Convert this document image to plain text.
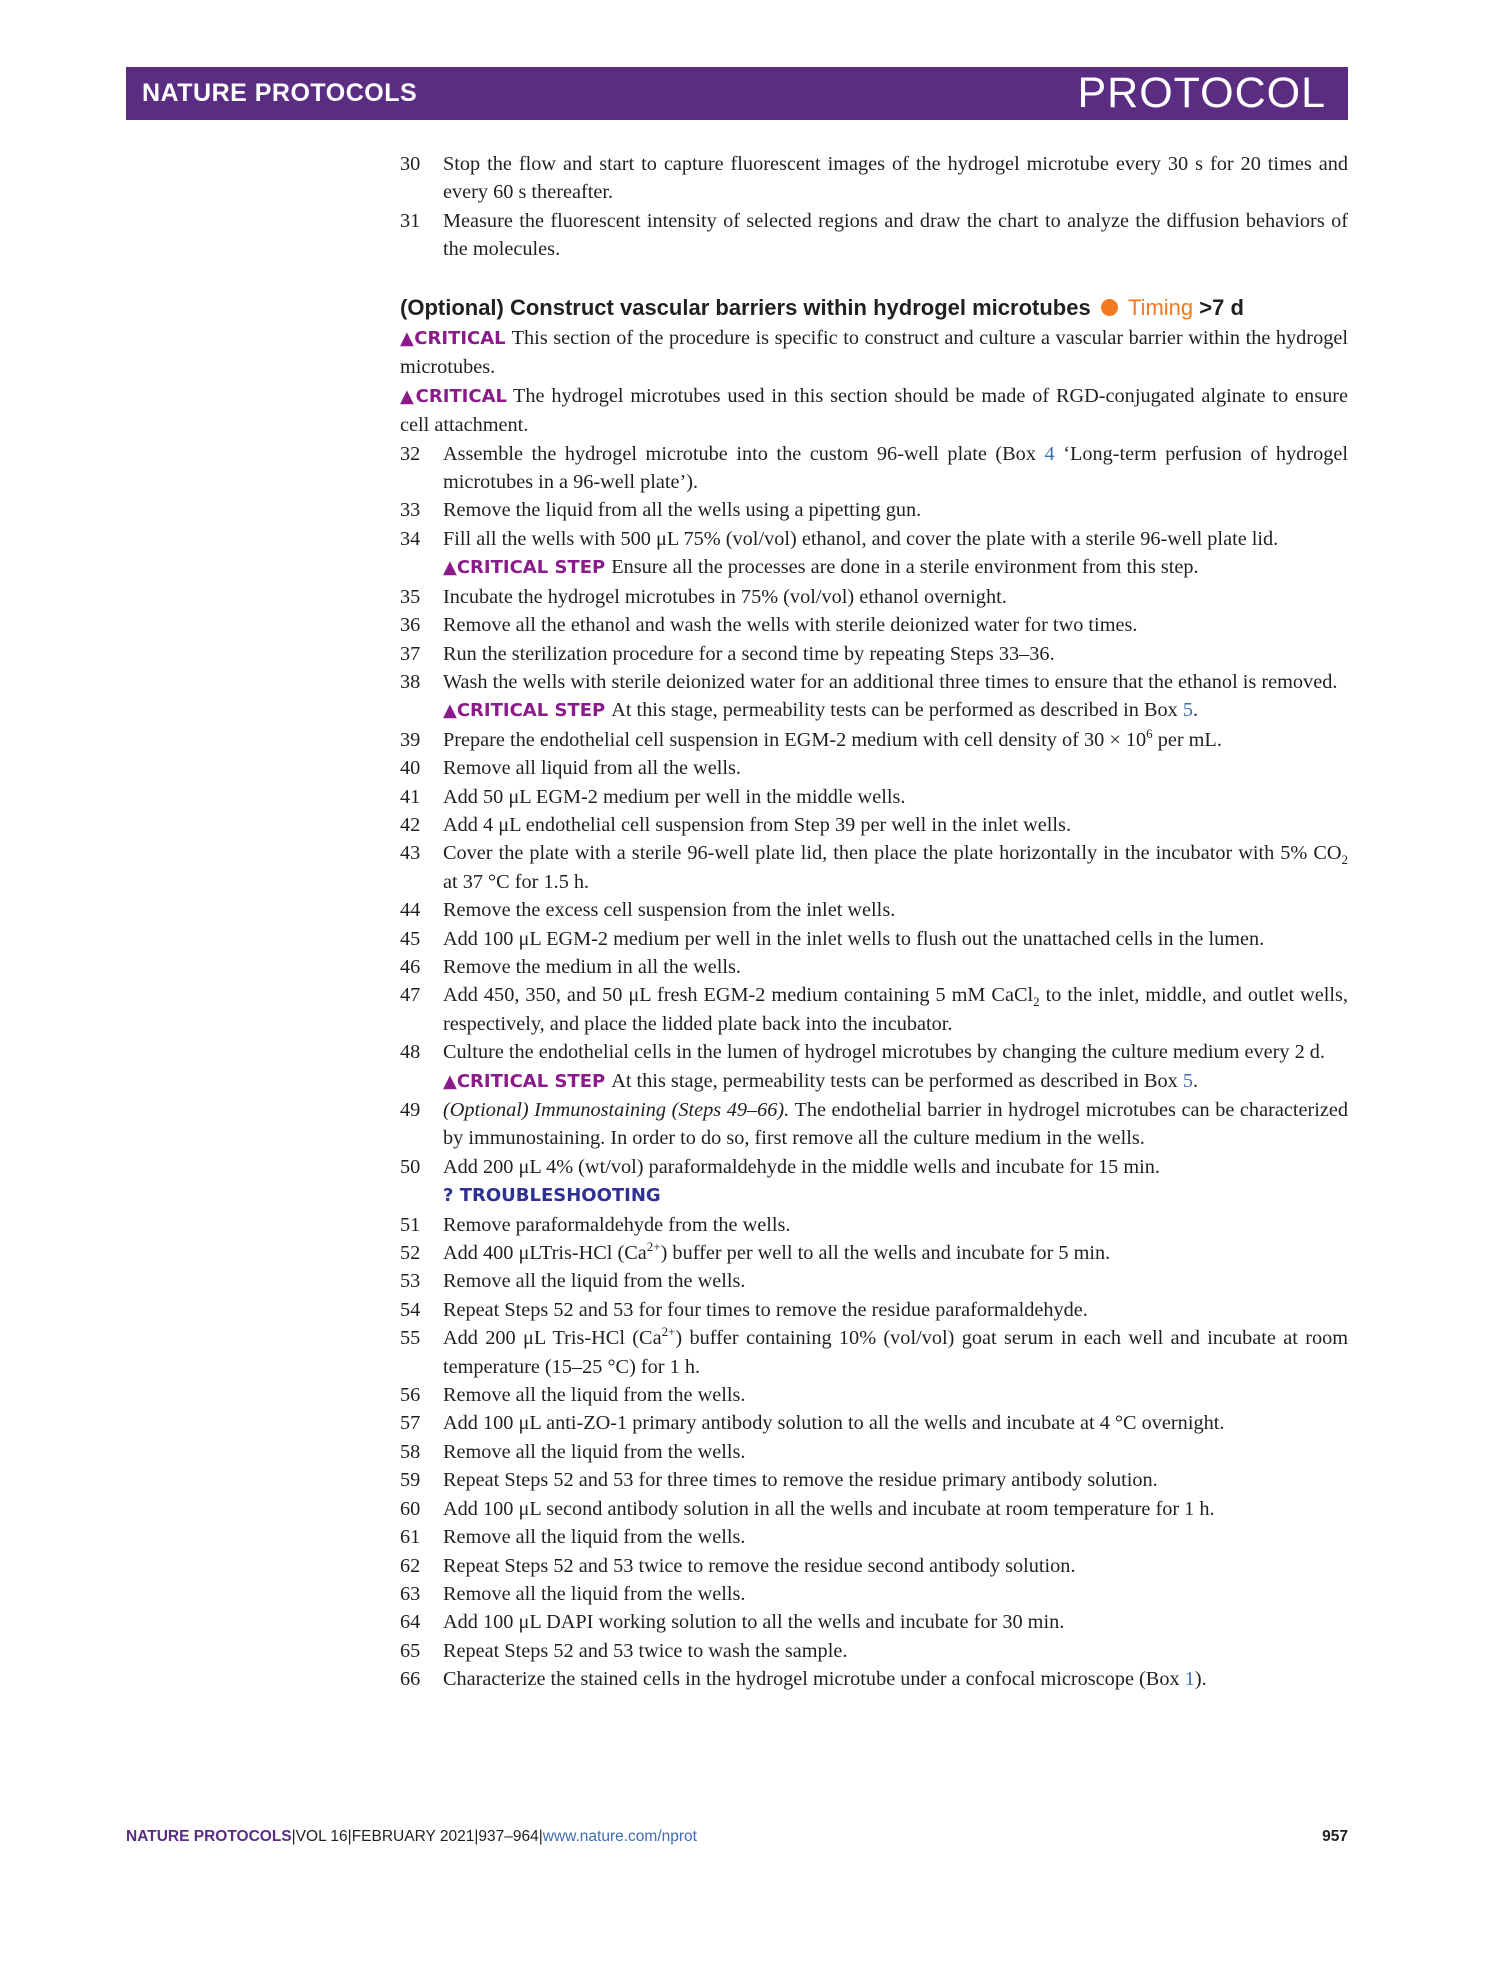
NATURE PROTOCOLS	PROTOCOL
30	Stop the flow and start to capture fluorescent images of the hydrogel microtube every 30 s for 20 times and every 60 s thereafter.
31	Measure the fluorescent intensity of selected regions and draw the chart to analyze the diffusion behaviors of the molecules.
(Optional) Construct vascular barriers within hydrogel microtubes Timing >7 d
▲CRITICAL This section of the procedure is specific to construct and culture a vascular barrier within the hydrogel microtubes.
▲CRITICAL The hydrogel microtubes used in this section should be made of RGD-conjugated alginate to ensure cell attachment.
32	Assemble the hydrogel microtube into the custom 96-well plate (Box 4 ‘Long-term perfusion of hydrogel microtubes in a 96-well plate’).
33	Remove the liquid from all the wells using a pipetting gun.
34	Fill all the wells with 500 μL 75% (vol/vol) ethanol, and cover the plate with a sterile 96-well plate lid.
▲CRITICAL STEP Ensure all the processes are done in a sterile environment from this step.
35	Incubate the hydrogel microtubes in 75% (vol/vol) ethanol overnight.
36	Remove all the ethanol and wash the wells with sterile deionized water for two times.
37	Run the sterilization procedure for a second time by repeating Steps 33–36.
38	Wash the wells with sterile deionized water for an additional three times to ensure that the ethanol is removed.
▲CRITICAL STEP At this stage, permeability tests can be performed as described in Box 5.
39	Prepare the endothelial cell suspension in EGM-2 medium with cell density of $30 \times 10^6$ per mL.
40	Remove all liquid from all the wells.
41	Add 50 μL EGM-2 medium per well in the middle wells.
42	Add 4 μL endothelial cell suspension from Step 39 per well in the inlet wells.
43	Cover the plate with a sterile 96-well plate lid, then place the plate horizontally in the incubator with 5% $CO_2$ at 37 °C for 1.5 h.
44	Remove the excess cell suspension from the inlet wells.
45	Add 100 μL EGM-2 medium per well in the inlet wells to flush out the unattached cells in the lumen.
46	Remove the medium in all the wells.
47	Add 450, 350, and 50 μL fresh EGM-2 medium containing 5 mM CaCl$_2$ to the inlet, middle, and outlet wells, respectively, and place the lidded plate back into the incubator.
48	Culture the endothelial cells in the lumen of hydrogel microtubes by changing the culture medium every 2 d.
▲CRITICAL STEP At this stage, permeability tests can be performed as described in Box 5.
49	(Optional) Immunostaining (Steps 49–66). The endothelial barrier in hydrogel microtubes can be characterized by immunostaining. In order to do so, first remove all the culture medium in the wells.
50	Add 200 μL 4% (wt/vol) paraformaldehyde in the middle wells and incubate for 15 min.
? TROUBLESHOOTING
51	Remove paraformaldehyde from the wells.
52	Add 400 μLTris-HCl $(Ca^{2+})$ buffer per well to all the wells and incubate for 5 min.
53	Remove all the liquid from the wells.
54	Repeat Steps 52 and 53 for four times to remove the residue paraformaldehyde.
55	Add 200 μL Tris-HCl $(Ca^{2+})$ buffer containing 10% (vol/vol) goat serum in each well and incubate at room temperature (15–25 °C) for 1 h.
56	Remove all the liquid from the wells.
57	Add 100 μL anti-ZO-1 primary antibody solution to all the wells and incubate at 4 °C overnight.
58	Remove all the liquid from the wells.
59	Repeat Steps 52 and 53 for three times to remove the residue primary antibody solution.
60	Add 100 μL second antibody solution in all the wells and incubate at room temperature for 1 h.
61	Remove all the liquid from the wells.
62	Repeat Steps 52 and 53 twice to remove the residue second antibody solution.
63	Remove all the liquid from the wells.
64	Add 100 μL DAPI working solution to all the wells and incubate for 30 min.
65	Repeat Steps 52 and 53 twice to wash the sample.
66	Characterize the stained cells in the hydrogel microtube under a confocal microscope (Box 1).
NATURE PROTOCOLS|VOL 16|FEBRUARY 2021|937–964|www.nature.com/nprot	957
